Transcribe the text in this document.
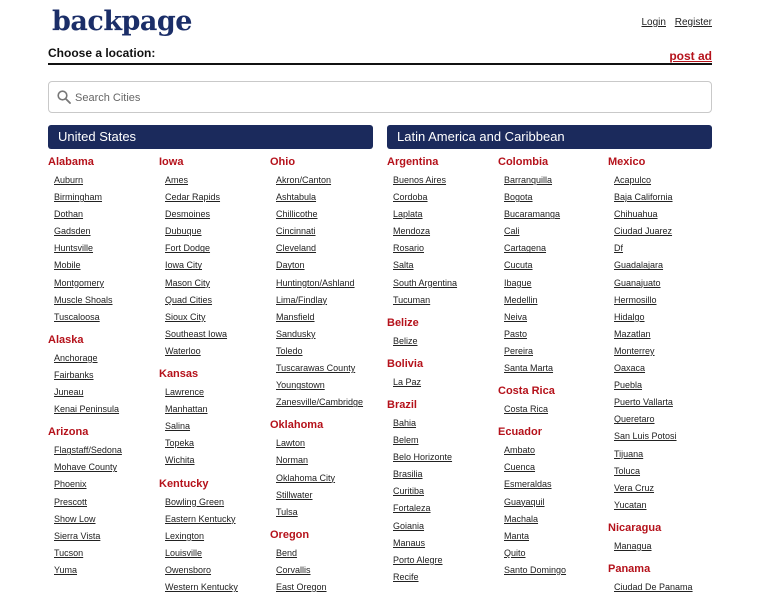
backpage	Login Register
Choose a location:	post ad
Search Cities
United States	Latin America and Caribbean
Alabama
Auburn
Birmingham
Dothan
Gadsden
Huntsville
Mobile
Montgomery
Muscle Shoals
Tuscaloosa
Alaska
Anchorage
Fairbanks
Juneau
Kenai Peninsula
Arizona
Flagstaff/Sedona
Mohave County
Phoenix
Prescott
Show Low
Sierra Vista
Tucson
Yuma
Iowa
Ames
Cedar Rapids
Desmoines
Dubuque
Fort Dodge
Iowa City
Mason City
Quad Cities
Sioux City
Southeast Iowa
Waterloo
Kansas
Lawrence
Manhattan
Salina
Topeka
Wichita
Kentucky
Bowling Green
Eastern Kentucky
Lexington
Louisville
Owensboro
Western Kentucky
Ohio
Akron/Canton
Ashtabula
Chillicothe
Cincinnati
Cleveland
Dayton
Huntington/Ashland
Lima/Findlay
Mansfield
Sandusky
Toledo
Tuscarawas County
Youngstown
Zanesville/Cambridge
Oklahoma
Lawton
Norman
Oklahoma City
Stillwater
Tulsa
Oregon
Bend
Corvallis
East Oregon
Argentina
Buenos Aires
Cordoba
Laplata
Mendoza
Rosario
Salta
South Argentina
Tucuman
Belize
Belize
Bolivia
La Paz
Brazil
Bahia
Belem
Belo Horizonte
Brasilia
Curitiba
Fortaleza
Goiania
Manaus
Porto Alegre
Recife
Colombia
Barranquilla
Bogota
Bucaramanga
Cali
Cartagena
Cucuta
Ibague
Medellin
Neiva
Pasto
Pereira
Santa Marta
Costa Rica
Costa Rica
Ecuador
Ambato
Cuenca
Esmeraldas
Guayaquil
Machala
Manta
Quito
Santo Domingo
Mexico
Acapulco
Baja California
Chihuahua
Ciudad Juarez
Df
Guadalajara
Guanajuato
Hermosillo
Hidalgo
Mazatlan
Monterrey
Oaxaca
Puebla
Puerto Vallarta
Queretaro
San Luis Potosi
Tijuana
Toluca
Vera Cruz
Yucatan
Nicaragua
Managua
Panama
Ciudad De Panama
